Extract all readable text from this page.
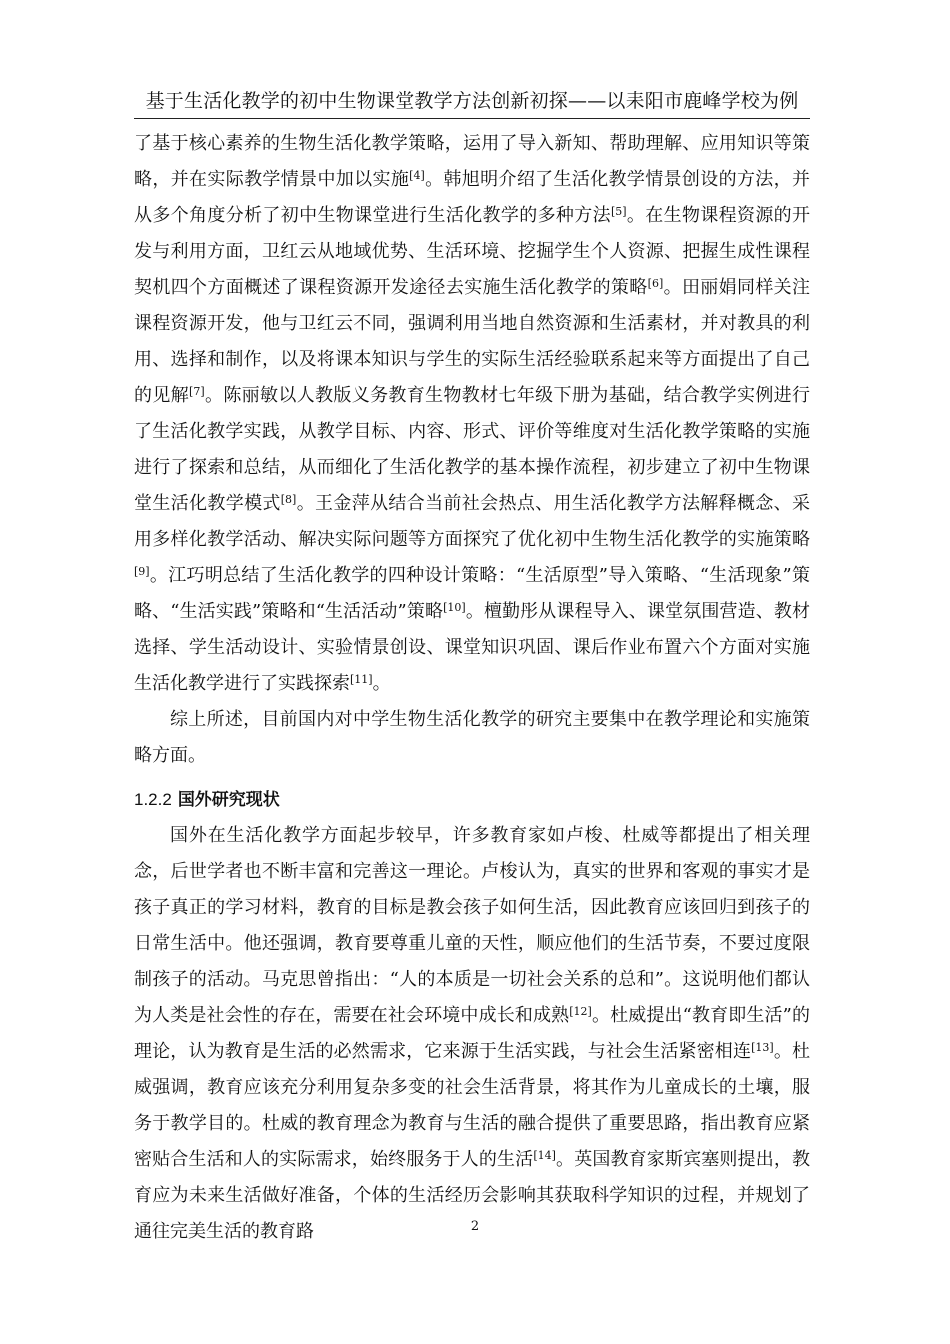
基于生活化教学的初中生物课堂教学方法创新初探——以耒阳市鹿峰学校为例

了基于核心素养的生物生活化教学策略，运用了导入新知、帮助理解、应用知识等策略，并在实际教学情景中加以实施[4]。韩旭明介绍了生活化教学情景创设的方法，并从多个角度分析了初中生物课堂进行生活化教学的多种方法[5]。在生物课程资源的开发与利用方面，卫红云从地域优势、生活环境、挖掘学生个人资源、把握生成性课程契机四个方面概述了课程资源开发途径去实施生活化教学的策略[6]。田丽娟同样关注课程资源开发，他与卫红云不同，强调利用当地自然资源和生活素材，并对教具的利用、选择和制作，以及将课本知识与学生的实际生活经验联系起来等方面提出了自己的见解[7]。陈丽敏以人教版义务教育生物教材七年级下册为基础，结合教学实例进行了生活化教学实践，从教学目标、内容、形式、评价等维度对生活化教学策略的实施进行了探索和总结，从而细化了生活化教学的基本操作流程，初步建立了初中生物课堂生活化教学模式[8]。王金萍从结合当前社会热点、用生活化教学方法解释概念、采用多样化教学活动、解决实际问题等方面探究了优化初中生物生活化教学的实施策略[9]。江巧明总结了生活化教学的四种设计策略：“生活原型”导入策略、“生活现象”策略、“生活实践”策略和“生活活动”策略[10]。檀勤彤从课程导入、课堂氛围营造、教材选择、学生活动设计、实验情景创设、课堂知识巩固、课后作业布置六个方面对实施生活化教学进行了实践探索[11]。

综上所述，目前国内对中学生物生活化教学的研究主要集中在教学理论和实施策略方面。

1.2.2 国外研究现状

国外在生活化教学方面起步较早，许多教育家如卢梭、杜威等都提出了相关理念，后世学者也不断丰富和完善这一理论。卢梭认为，真实的世界和客观的事实才是孩子真正的学习材料，教育的目标是教会孩子如何生活，因此教育应该回归到孩子的日常生活中。他还强调，教育要尊重儿童的天性，顺应他们的生活节奏，不要过度限制孩子的活动。马克思曾指出：“人的本质是一切社会关系的总和”。这说明他们都认为人类是社会性的存在，需要在社会环境中成长和成熟[12]。杜威提出“教育即生活”的理论，认为教育是生活的必然需求，它来源于生活实践，与社会生活紧密相连[13]。杜威强调，教育应该充分利用复杂多变的社会生活背景，将其作为儿童成长的土壤，服务于教学目的。杜威的教育理念为教育与生活的融合提供了重要思路，指出教育应紧密贴合生活和人的实际需求，始终服务于人的生活[14]。英国教育家斯宾塞则提出，教育应为未来生活做好准备，个体的生活经历会影响其获取科学知识的过程，并规划了通往完美生活的教育路	2
